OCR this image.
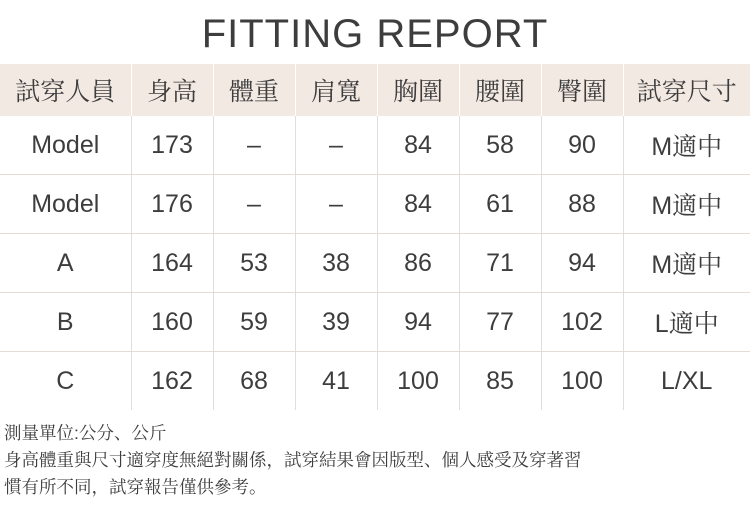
FITTING REPORT
試穿人員	身高	體重	肩寬	胸圍	腰圍	臀圍	試穿尺寸
Model	173	–	–	84	58	90	M適中
Model	176	–	–	84	61	88	M適中
A	164	53	38	86	71	94	M適中
B	160	59	39	94	77	102	L適中
C	162	68	41	100	85	100	L/XL
測量單位:公分、公斤
身高體重與尺寸適穿度無絕對關係，試穿結果會因版型、個人感受及穿著習
慣有所不同，試穿報告僅供參考。
